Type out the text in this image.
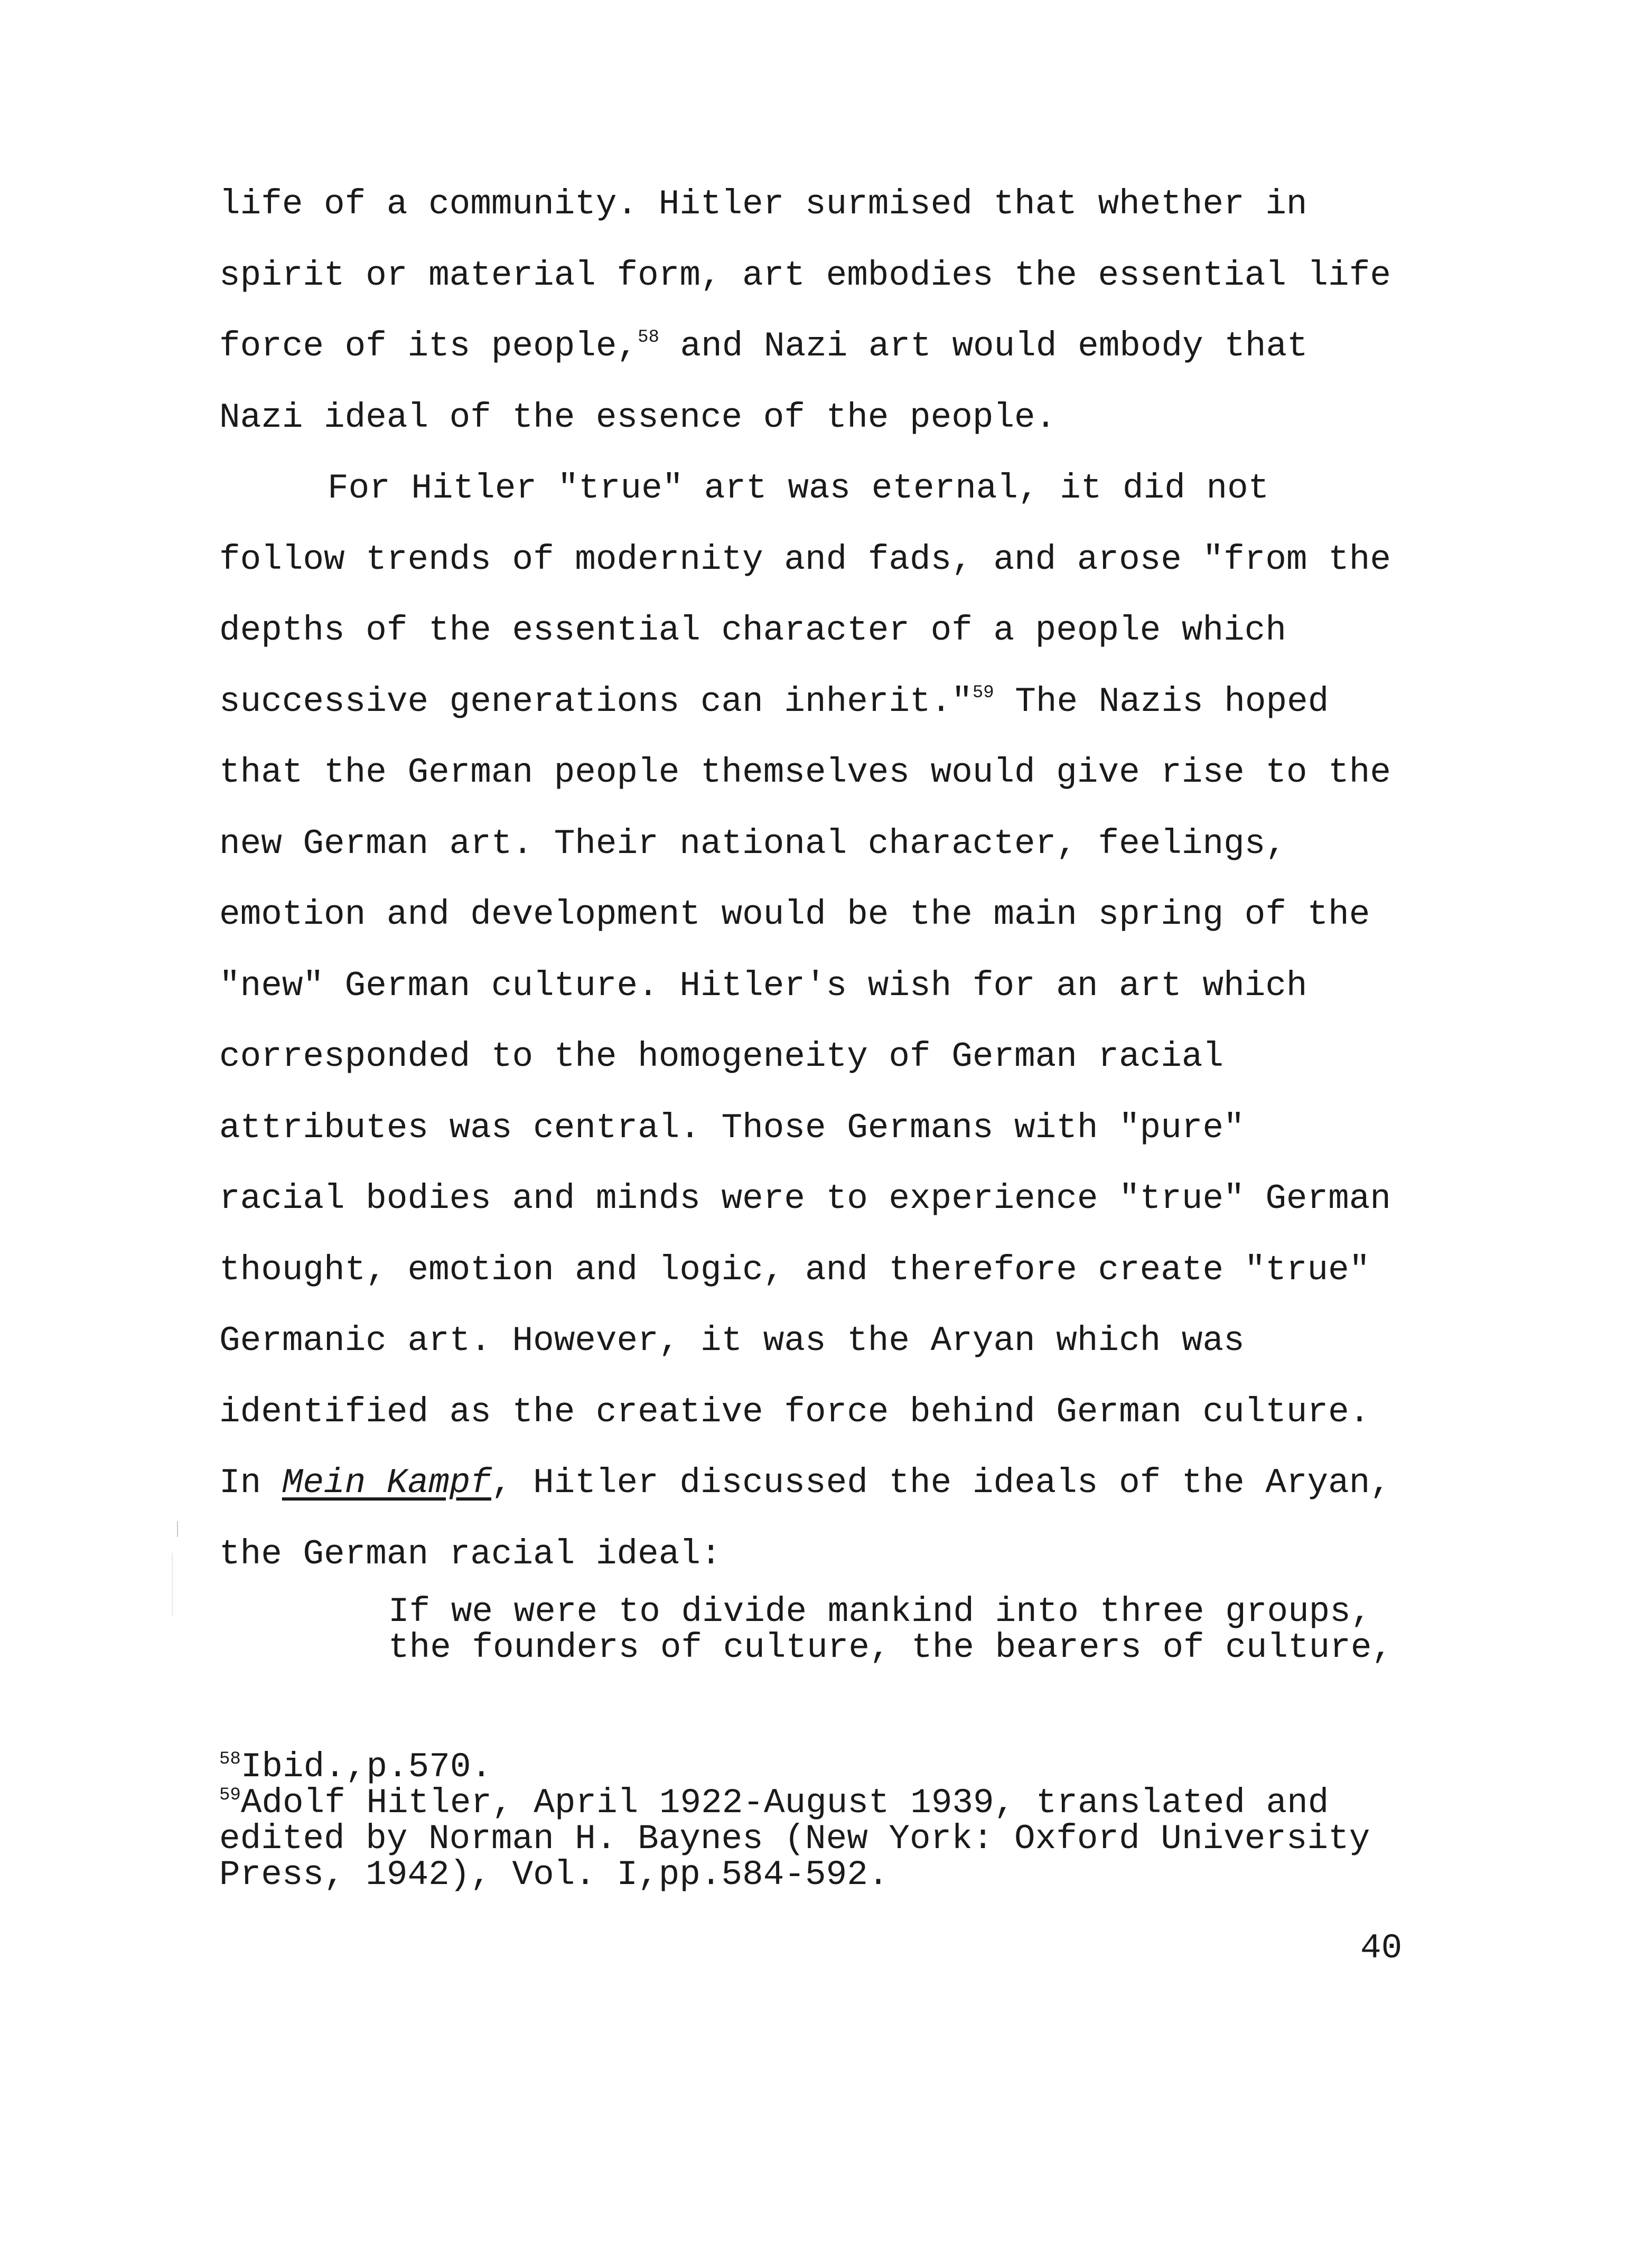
life of a community. Hitler surmised that whether in
spirit or material form, art embodies the essential life
force of its people,$^{58}$ and Nazi art would embody that
Nazi ideal of the essence of the people.
For Hitler "true" art was eternal, it did not
follow trends of modernity and fads, and arose "from the
depths of the essential character of a people which
successive generations can inherit."$^{59}$ The Nazis hoped
that the German people themselves would give rise to the
new German art. Their national character, feelings,
emotion and development would be the main spring of the
"new" German culture. Hitler's wish for an art which
corresponded to the homogeneity of German racial
attributes was central. Those Germans with "pure"
racial bodies and minds were to experience "true" German
thought, emotion and logic, and therefore create "true"
Germanic art. However, it was the Aryan which was
identified as the creative force behind German culture.
In Mein Kampf, Hitler discussed the ideals of the Aryan,
the German racial ideal:
If we were to divide mankind into three groups,
the founders of culture, the bearers of culture,
$^{58}$Ibid.,p.570.
$^{59}$Adolf Hitler, April 1922-August 1939, translated and
edited by Norman H. Baynes (New York: Oxford University
Press, 1942), Vol. I,pp.584-592.
40
